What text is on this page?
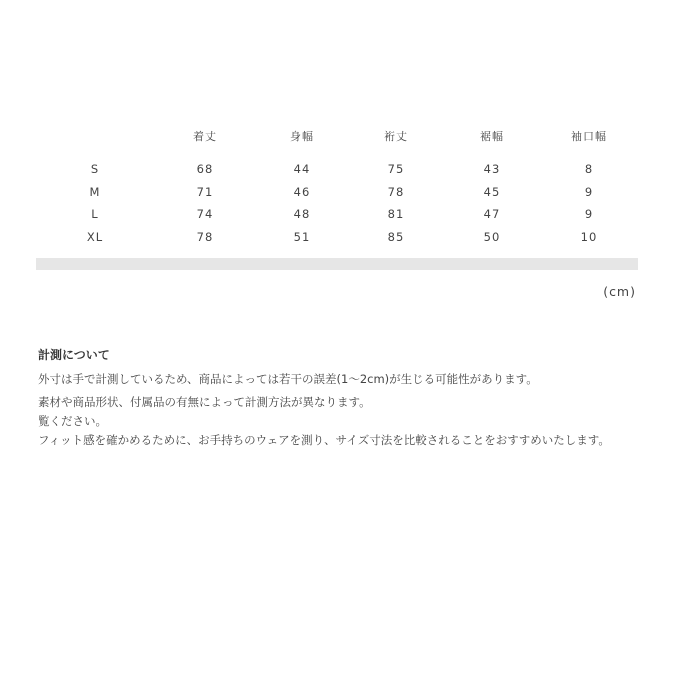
	着丈	身幅	裄丈	裾幅	袖口幅
S	68	44	75	43	8
M	71	46	78	45	9
L	74	48	81	47	9
XL	78	51	85	50	10
(cm)
計測について

外寸は手で計測しているため、商品によっては若干の誤差(1〜2cm)が生じる可能性があります。

素材や商品形状、付属品の有無によって計測方法が異なります。

覧ください。

フィット感を確かめるために、お手持ちのウェアを測り、サイズ寸法を比較されることをおすすめいたします。
